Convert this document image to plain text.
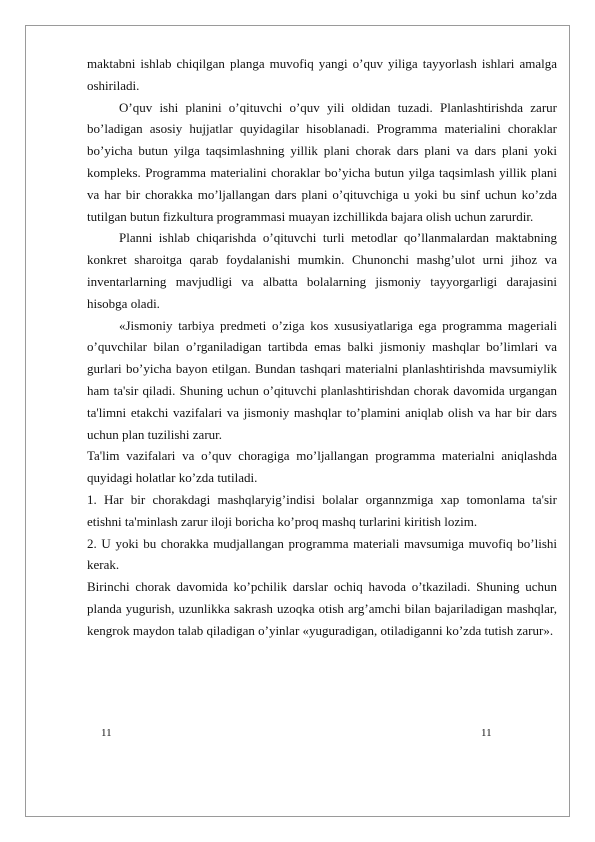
maktabni ishlab chiqilgan planga muvofiq yangi o’quv yiliga tayyorlash ishlari amalga oshiriladi.

O’quv ishi planini o’qituvchi o’quv yili oldidan tuzadi. Planlashtirishda zarur bo’ladigan asosiy hujjatlar quyidagilar hisoblanadi. Programma materialini choraklar bo’yicha butun yilga taqsimlashning yillik plani chorak dars plani va dars plani yoki kompleks. Programma materialini choraklar bo’yicha butun yilga taqsimlash yillik plani va har bir chorakka mo’ljallangan dars plani o’qituvchiga u yoki bu sinf uchun ko’zda tutilgan butun fizkultura programmasi muayan izchillikda bajara olish uchun zarurdir.

Planni ishlab chiqarishda o’qituvchi turli metodlar qo’llanmalardan maktabning konkret sharoitga qarab foydalanishi mumkin. Chunonchi mashg’ulot urni jihoz va inventarlarning mavjudligi va albatta bolalarning jismoniy tayyorgarligi darajasini hisobga oladi.

«Jismoniy tarbiya predmeti o’ziga kos xususiyatlariga ega programma mageriali o’quvchilar bilan o’rganiladigan tartibda emas balki jismoniy mashqlar bo’limlari va gurlari bo’yicha bayon etilgan. Bundan tashqari materialni planlashtirishda mavsumiylik ham ta'sir qiladi. Shuning uchun o’qituvchi planlashtirishdan chorak davomida urgangan ta'limni etakchi vazifalari va jismoniy mashqlar to’plamini aniqlab olish va har bir dars uchun plan tuzilishi zarur.

Ta'lim vazifalari va o’quv choragiga mo’ljallangan programma materialni aniqlashda quyidagi holatlar ko’zda tutiladi.

1. Har bir chorakdagi mashqlaryig’indisi bolalar organnzmiga xap tomonlama ta'sir etishni ta'minlash zarur iloji boricha ko’proq mashq turlarini kiritish lozim.

2. U yoki bu chorakka mudjallangan programma materiali mavsumiga muvofiq bo’lishi kerak.

Birinchi chorak davomida ko’pchilik darslar ochiq havoda o’tkaziladi. Shuning uchun planda yugurish, uzunlikka sakrash uzoqka otish arg’amchi bilan bajariladigan mashqlar, kengrok maydon talab qiladigan o’yinlar «yuguradigan, otiladiganni ko’zda tutish zarur».

11	11
